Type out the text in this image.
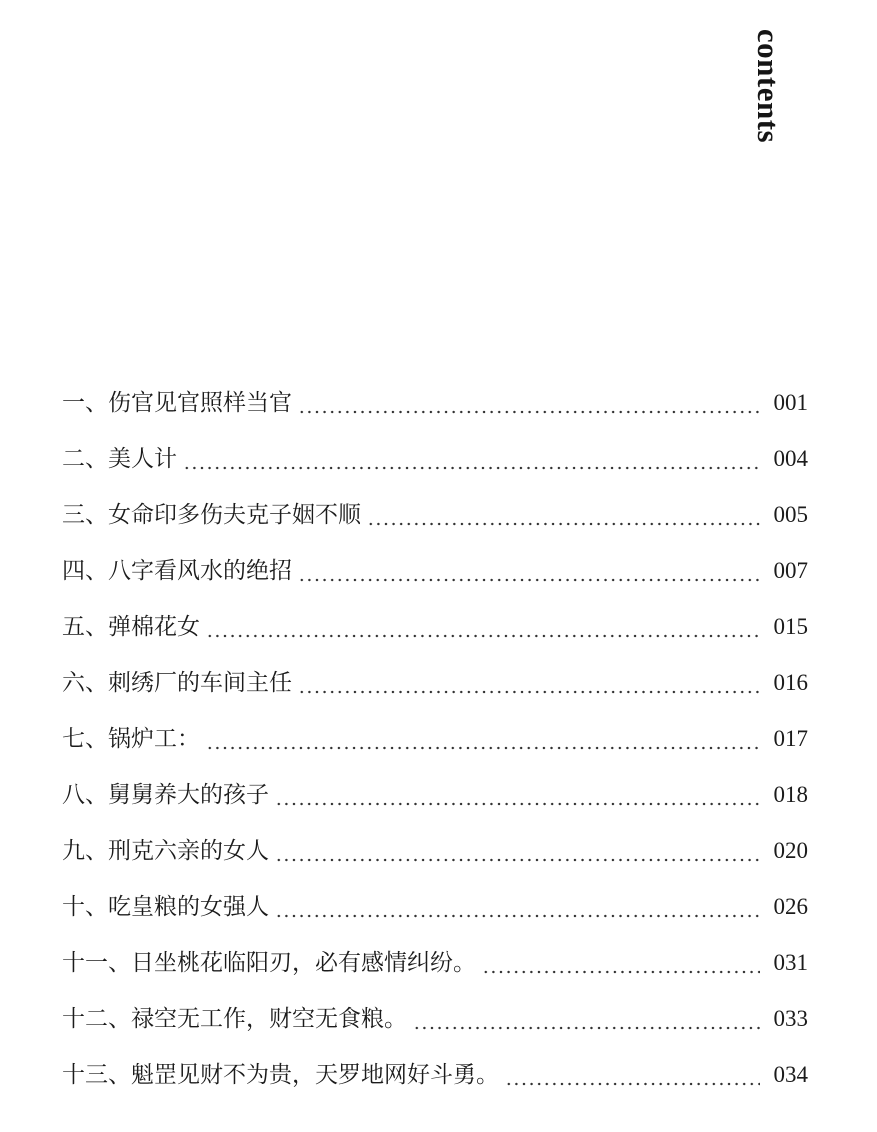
contents
一、伤官见官照样当官	001
二、美人计	004
三、女命印多伤夫克子姻不顺	005
四、八字看风水的绝招	007
五、弹棉花女	015
六、刺绣厂的车间主任	016
七、锅炉工：	017
八、舅舅养大的孩子	018
九、刑克六亲的女人	020
十、吃皇粮的女强人	026
十一、日坐桃花临阳刃，必有感情纠纷。	031
十二、禄空无工作，财空无食粮。	033
十三、魁罡见财不为贵，天罗地网好斗勇。	034
